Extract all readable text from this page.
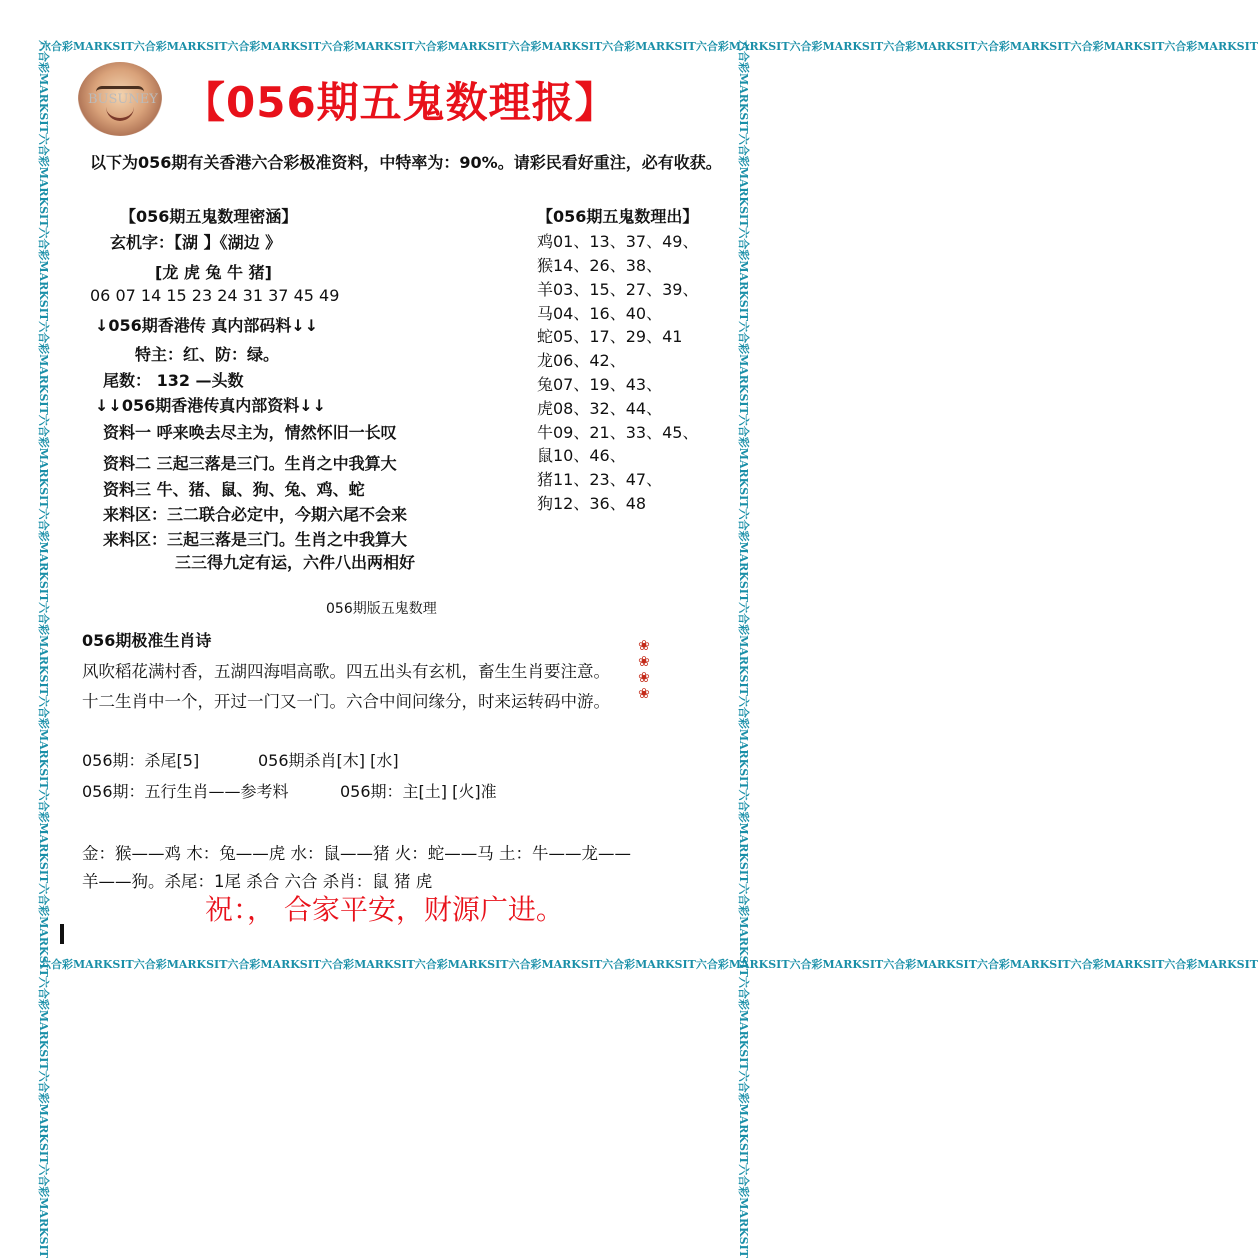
六合彩MARKSIT六合彩MARKSIT六合彩MARKSIT六合彩MARKSIT六合彩MARKSIT六合彩MARKSIT六合彩MARKSIT六合彩MARKSIT六合彩MARKSIT六合彩MARKSIT六合彩MARKSIT六合彩MARKSIT六合彩MARKSIT
六合彩MARKSIT六合彩MARKSIT六合彩MARKSIT六合彩MARKSIT六合彩MARKSIT六合彩MARKSIT六合彩MARKSIT六合彩MARKSIT六合彩MARKSIT六合彩MARKSIT六合彩MARKSIT六合彩MARKSIT六合彩MARKSIT
六合彩MARKSIT六合彩MARKSIT六合彩MARKSIT六合彩MARKSIT六合彩MARKSIT六合彩MARKSIT六合彩MARKSIT六合彩MARKSIT六合彩MARKSIT六合彩MARKSIT六合彩MARKSIT六合彩MARKSIT六合彩MARKSIT	六合彩MARKSIT六合彩MARKSIT六合彩MARKSIT六合彩MARKSIT六合彩MARKSIT六合彩MARKSIT六合彩MARKSIT六合彩MARKSIT六合彩MARKSIT六合彩MARKSIT六合彩MARKSIT六合彩MARKSIT六合彩MARKSIT
BUSUNEY 【056期五鬼数理报】
以下为056期有关香港六合彩极准资料，中特率为：90%。请彩民看好重注，必有收获。
【056期五鬼数理密涵】
玄机字：【湖 】《湖边 》
[龙 虎 兔 牛 猪]
06 07 14 15 23 24 31 37 45 49
↓056期香港传 真内部码料↓↓
特主：红、防：绿。
尾数： 132 —头数
↓↓056期香港传真内部资料↓↓
资料一 呼来唤去尽主为，情然怀旧一长叹
资料二 三起三落是三门。生肖之中我算大
资料三 牛、猪、鼠、狗、兔、鸡、蛇
来料区：三二联合必定中，今期六尾不会来
来料区：三起三落是三门。生肖之中我算大
三三得九定有运，六件八出两相好
【056期五鬼数理出】
鸡01、13、37、49、
猴14、26、38、
羊03、15、27、39、
马04、16、40、
蛇05、17、29、41
龙06、42、
兔07、19、43、
虎08、32、44、
牛09、21、33、45、
鼠10、46、
猪11、23、47、
狗12、36、48
056期版五鬼数理
056期极准生肖诗
风吹稻花满村香，五湖四海唱高歌。四五出头有玄机，畜生生肖要注意。
十二生肖中一个，开过一门又一门。六合中间问缘分，时来运转码中游。
❀
❀
❀
❀
056期：杀尾[5]	056期杀肖[木] [水]
056期：五行生肖——参考料	056期：主[土] [火]准
金：猴——鸡 木：兔——虎 水：鼠——猪 火：蛇——马 土：牛——龙——
羊——狗。杀尾：1尾 杀合 六合 杀肖：鼠 猪 虎
祝：， 合家平安，财源广进。
